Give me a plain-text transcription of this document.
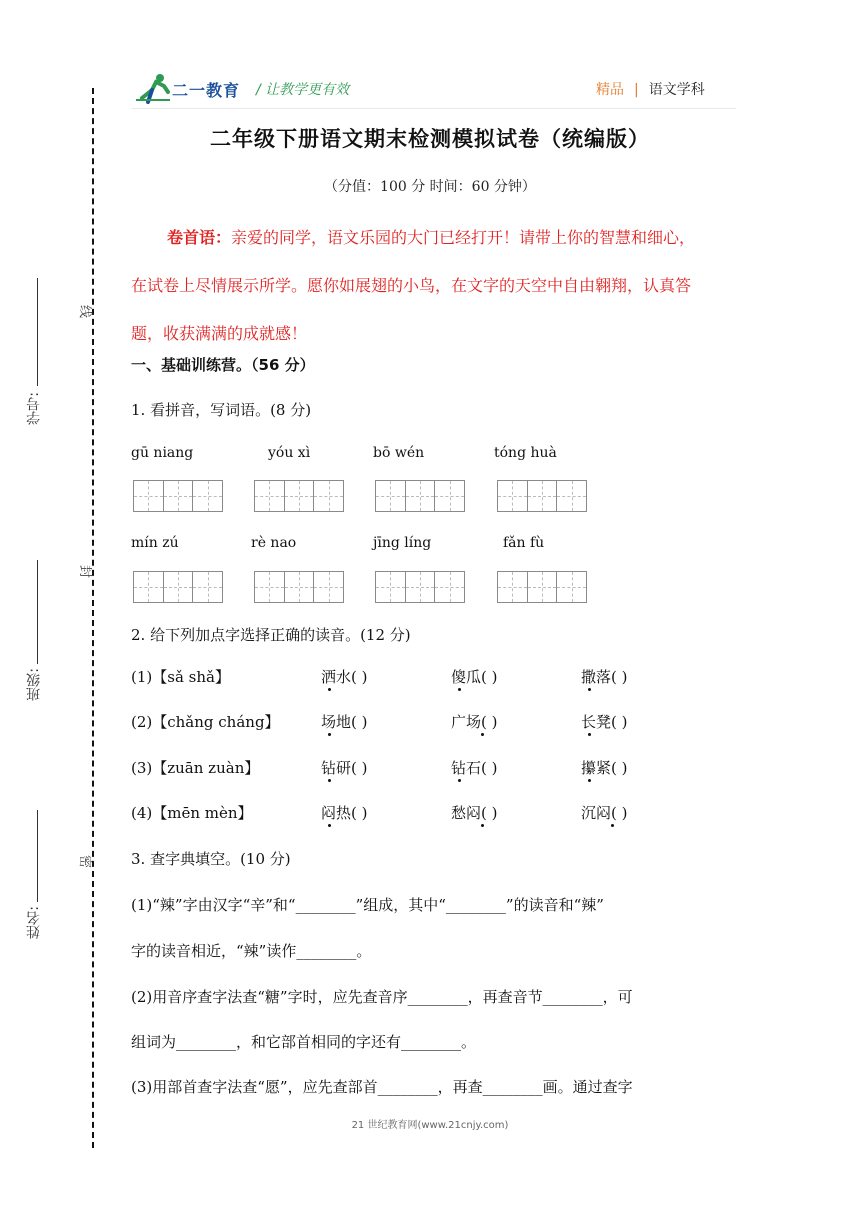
二一教育 / 让教学更有效	精品 | 语文学科
学号:
班级:
姓名:
线
封
密
二年级下册语文期末检测模拟试卷（统编版）
（分值：100 分 时间：60 分钟）
卷首语：亲爱的同学，语文乐园的大门已经打开！请带上你的智慧和细心，
在试卷上尽情展示所学。愿你如展翅的小鸟，在文字的天空中自由翱翔，认真答
题，收获满满的成就感！
一、基础训练营。（56 分）
1. 看拼音，写词语。(8 分)
gū niang	yóu xì	bō wén	tóng huà
mín zú	rè nao	jīng líng	fǎn fù
2. 给下列加点字选择正确的读音。(12 分)
(1)【sǎ shǎ】	洒水( )	傻瓜( )	撒落( )
(2)【chǎng cháng】	场地( )	广场( )	长凳( )
(3)【zuān zuàn】	钻研( )	钻石( )	攥紧( )
(4)【mēn mèn】	闷热( )	愁闷( )	沉闷( )
3. 查字典填空。(10 分)
(1)“辣”字由汉字“辛”和“________”组成，其中“________”的读音和“辣”
字的读音相近，“辣”读作________。
(2)用音序查字法查“糖”字时，应先查音序________，再查音节________，可
组词为________，和它部首相同的字还有________。
(3)用部首查字法查“愿”，应先查部首________，再查________画。通过查字
21 世纪教育网(www.21cnjy.com)
